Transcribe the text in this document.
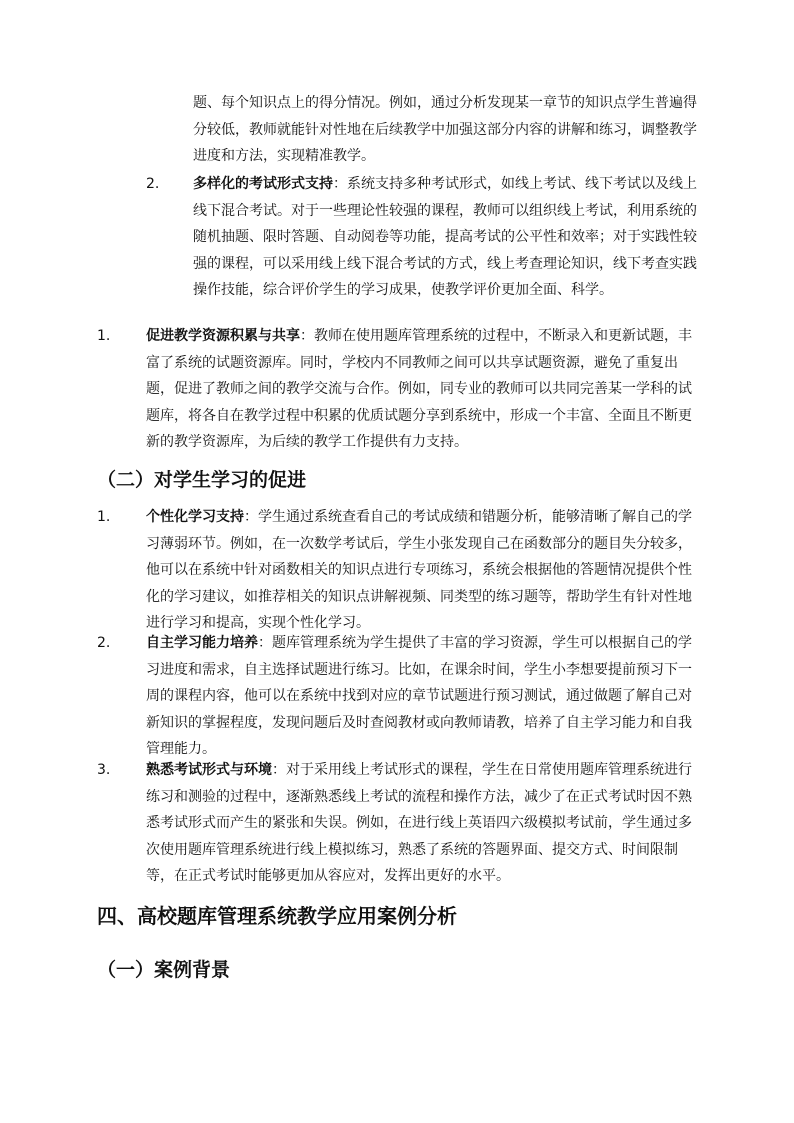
题、每个知识点上的得分情况。例如，通过分析发现某一章节的知识点学生普遍得分较低，教师就能针对性地在后续教学中加强这部分内容的讲解和练习，调整教学进度和方法，实现精准教学。
2. 多样化的考试形式支持：系统支持多种考试形式，如线上考试、线下考试以及线上线下混合考试。对于一些理论性较强的课程，教师可以组织线上考试，利用系统的随机抽题、限时答题、自动阅卷等功能，提高考试的公平性和效率；对于实践性较强的课程，可以采用线上线下混合考试的方式，线上考查理论知识，线下考查实践操作技能，综合评价学生的学习成果，使教学评价更加全面、科学。
1.	促进教学资源积累与共享：教师在使用题库管理系统的过程中，不断录入和更新试题，丰富了系统的试题资源库。同时，学校内不同教师之间可以共享试题资源，避免了重复出题，促进了教师之间的教学交流与合作。例如，同专业的教师可以共同完善某一学科的试题库，将各自在教学过程中积累的优质试题分享到系统中，形成一个丰富、全面且不断更新的教学资源库，为后续的教学工作提供有力支持。
（二）对学生学习的促进
1.	个性化学习支持：学生通过系统查看自己的考试成绩和错题分析，能够清晰了解自己的学习薄弱环节。例如，在一次数学考试后，学生小张发现自己在函数部分的题目失分较多，他可以在系统中针对函数相关的知识点进行专项练习，系统会根据他的答题情况提供个性化的学习建议，如推荐相关的知识点讲解视频、同类型的练习题等，帮助学生有针对性地进行学习和提高，实现个性化学习。
2.	自主学习能力培养：题库管理系统为学生提供了丰富的学习资源，学生可以根据自己的学习进度和需求，自主选择试题进行练习。比如，在课余时间，学生小李想要提前预习下一周的课程内容，他可以在系统中找到对应的章节试题进行预习测试，通过做题了解自己对新知识的掌握程度，发现问题后及时查阅教材或向教师请教，培养了自主学习能力和自我管理能力。
3.	熟悉考试形式与环境：对于采用线上考试形式的课程，学生在日常使用题库管理系统进行练习和测验的过程中，逐渐熟悉线上考试的流程和操作方法，减少了在正式考试时因不熟悉考试形式而产生的紧张和失误。例如，在进行线上英语四六级模拟考试前，学生通过多次使用题库管理系统进行线上模拟练习，熟悉了系统的答题界面、提交方式、时间限制等，在正式考试时能够更加从容应对，发挥出更好的水平。
四、高校题库管理系统教学应用案例分析
（一）案例背景
